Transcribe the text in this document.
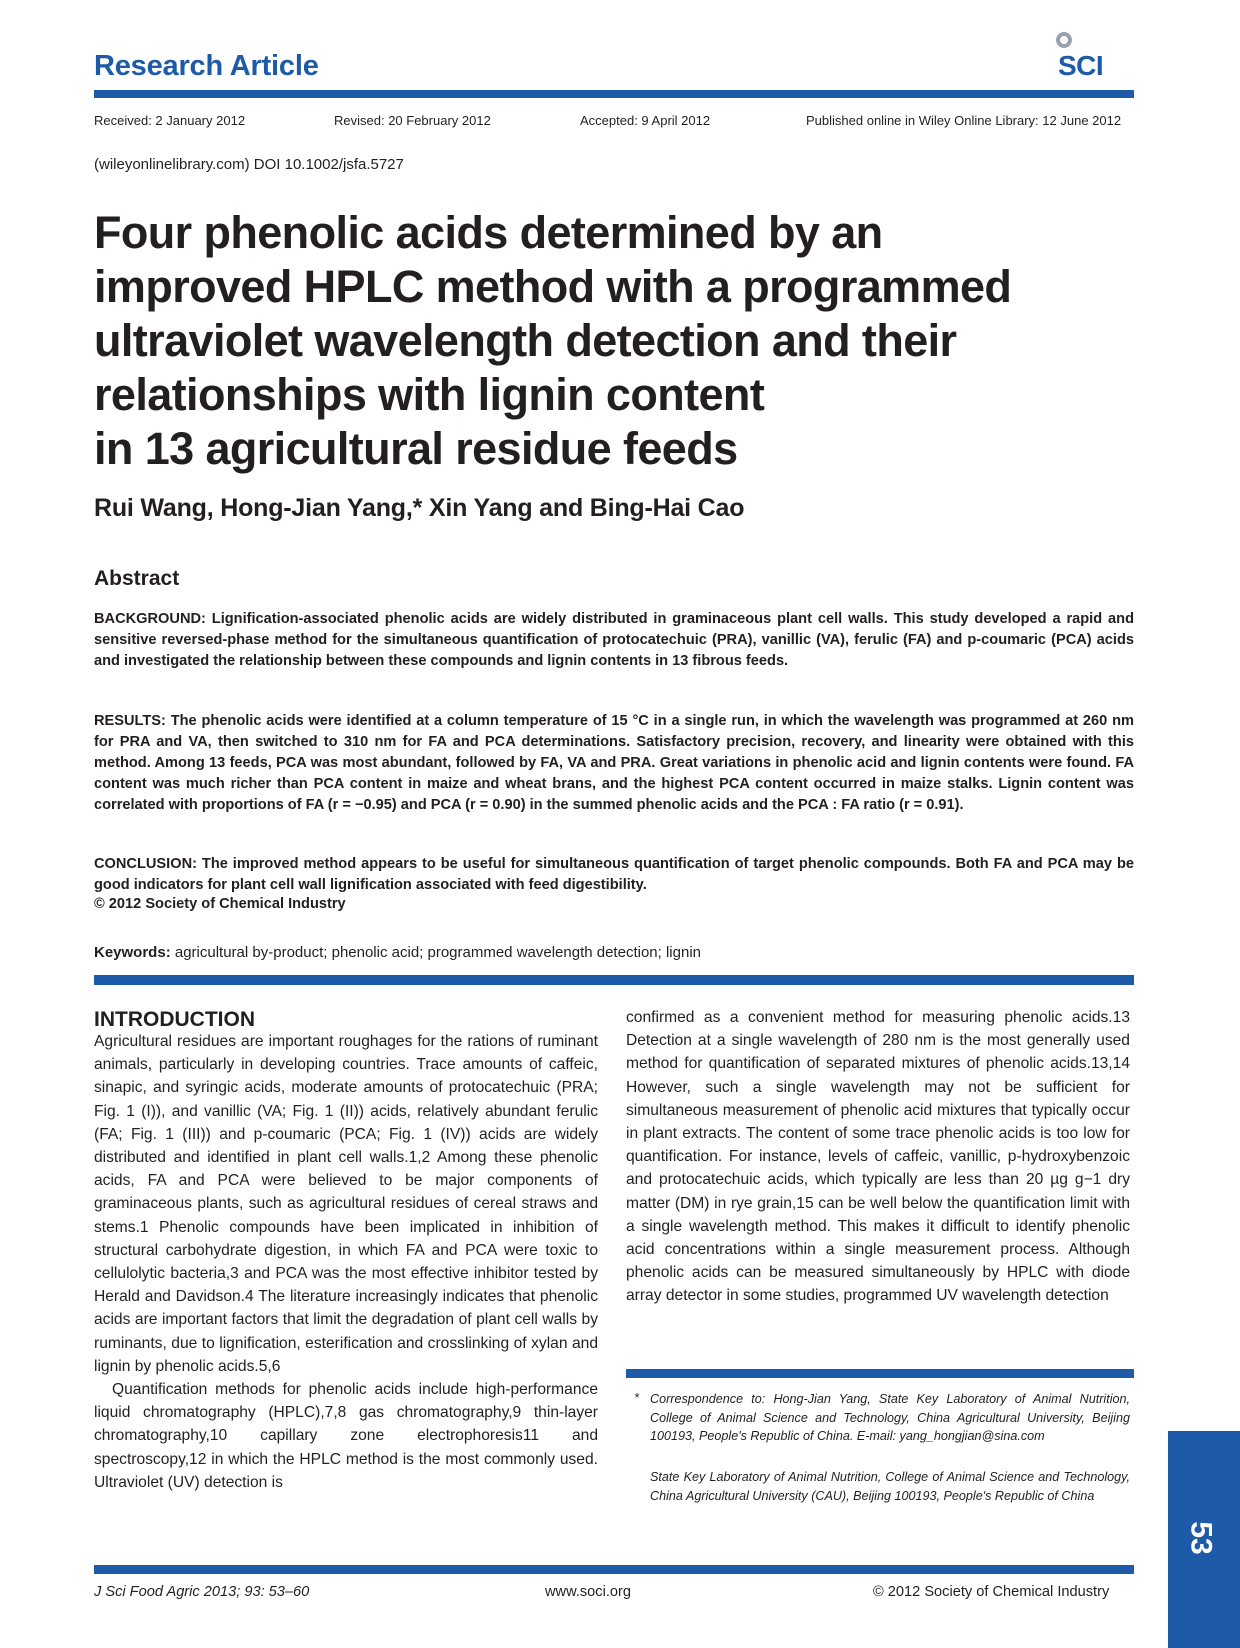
Research Article	SCI
Received: 2 January 2012	Revised: 20 February 2012	Accepted: 9 April 2012	Published online in Wiley Online Library: 12 June 2012
(wileyonlinelibrary.com) DOI 10.1002/jsfa.5727
Four phenolic acids determined by an
improved HPLC method with a programmed
ultraviolet wavelength detection and their
relationships with lignin content
in 13 agricultural residue feeds
Rui Wang, Hong-Jian Yang,* Xin Yang and Bing-Hai Cao
Abstract
BACKGROUND: Lignification-associated phenolic acids are widely distributed in graminaceous plant cell walls. This study developed a rapid and sensitive reversed-phase method for the simultaneous quantification of protocatechuic (PRA), vanillic (VA), ferulic (FA) and p-coumaric (PCA) acids and investigated the relationship between these compounds and lignin contents in 13 fibrous feeds.
RESULTS: The phenolic acids were identified at a column temperature of 15 °C in a single run, in which the wavelength was programmed at 260 nm for PRA and VA, then switched to 310 nm for FA and PCA determinations. Satisfactory precision, recovery, and linearity were obtained with this method. Among 13 feeds, PCA was most abundant, followed by FA, VA and PRA. Great variations in phenolic acid and lignin contents were found. FA content was much richer than PCA content in maize and wheat brans, and the highest PCA content occurred in maize stalks. Lignin content was correlated with proportions of FA (r = −0.95) and PCA (r = 0.90) in the summed phenolic acids and the PCA : FA ratio (r = 0.91).
CONCLUSION: The improved method appears to be useful for simultaneous quantification of target phenolic compounds. Both FA and PCA may be good indicators for plant cell wall lignification associated with feed digestibility.
© 2012 Society of Chemical Industry
Keywords: agricultural by-product; phenolic acid; programmed wavelength detection; lignin
INTRODUCTION

Agricultural residues are important roughages for the rations of ruminant animals, particularly in developing countries. Trace amounts of caffeic, sinapic, and syringic acids, moderate amounts of protocatechuic (PRA; Fig. 1 (I)), and vanillic (VA; Fig. 1 (II)) acids, relatively abundant ferulic (FA; Fig. 1 (III)) and p-coumaric (PCA; Fig. 1 (IV)) acids are widely distributed and identified in plant cell walls.1,2 Among these phenolic acids, FA and PCA were believed to be major components of graminaceous plants, such as agricultural residues of cereal straws and stems.1 Phenolic compounds have been implicated in inhibition of structural carbohydrate digestion, in which FA and PCA were toxic to cellulolytic bacteria,3 and PCA was the most effective inhibitor tested by Herald and Davidson.4 The literature increasingly indicates that phenolic acids are important factors that limit the degradation of plant cell walls by ruminants, due to lignification, esterification and crosslinking of xylan and lignin by phenolic acids.5,6

Quantification methods for phenolic acids include high-performance liquid chromatography (HPLC),7,8 gas chromatography,9 thin-layer chromatography,10 capillary zone electrophoresis11 and spectroscopy,12 in which the HPLC method is the most commonly used. Ultraviolet (UV) detection is

confirmed as a convenient method for measuring phenolic acids.13 Detection at a single wavelength of 280 nm is the most generally used method for quantification of separated mixtures of phenolic acids.13,14 However, such a single wavelength may not be sufficient for simultaneous measurement of phenolic acid mixtures that typically occur in plant extracts. The content of some trace phenolic acids is too low for quantification. For instance, levels of caffeic, vanillic, p-hydroxybenzoic and protocatechuic acids, which typically are less than 20 µg g−1 dry matter (DM) in rye grain,15 can be well below the quantification limit with a single wavelength method. This makes it difficult to identify phenolic acid concentrations within a single measurement process. Although phenolic acids can be measured simultaneously by HPLC with diode array detector in some studies, programmed UV wavelength detection

* Correspondence to: Hong-Jian Yang, State Key Laboratory of Animal Nutrition, College of Animal Science and Technology, China Agricultural University, Beijing 100193, People's Republic of China. E-mail: yang_hongjian@sina.com
State Key Laboratory of Animal Nutrition, College of Animal Science and Technology, China Agricultural University (CAU), Beijing 100193, People's Republic of China
53
J Sci Food Agric 2013; 93: 53–60	www.soci.org	© 2012 Society of Chemical Industry
